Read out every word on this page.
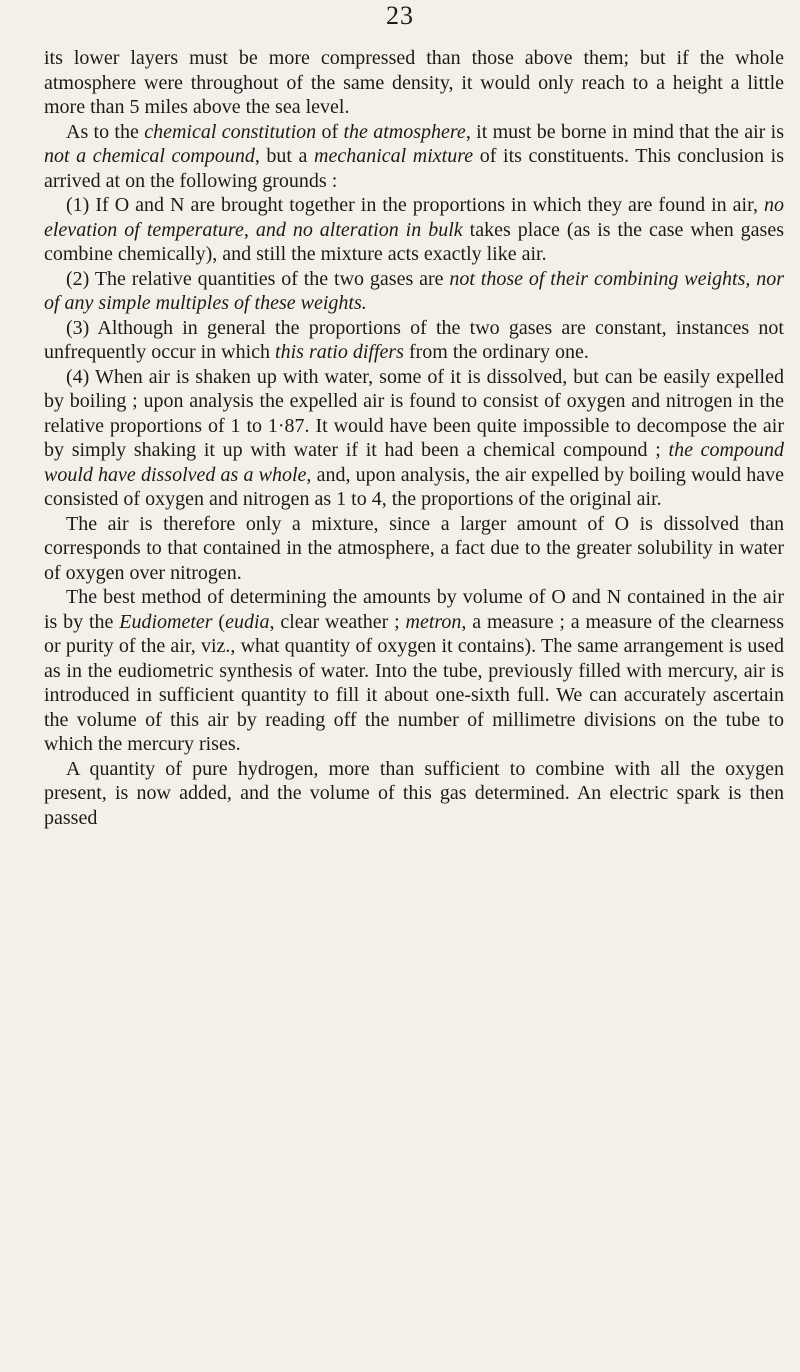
23

its lower layers must be more compressed than those above them; but if the whole atmosphere were throughout of the same density, it would only reach to a height a little more than 5 miles above the sea level.

As to the chemical constitution of the atmosphere, it must be borne in mind that the air is not a chemical compound, but a mechanical mixture of its constituents. This conclusion is arrived at on the following grounds :

(1) If O and N are brought together in the proportions in which they are found in air, no elevation of temperature, and no alteration in bulk takes place (as is the case when gases combine chemically), and still the mixture acts exactly like air.

(2) The relative quantities of the two gases are not those of their combining weights, nor of any simple multiples of these weights.

(3) Although in general the proportions of the two gases are constant, instances not unfrequently occur in which this ratio differs from the ordinary one.

(4) When air is shaken up with water, some of it is dissolved, but can be easily expelled by boiling ; upon analysis the expelled air is found to consist of oxygen and nitrogen in the relative proportions of 1 to 1·87. It would have been quite impossible to decompose the air by simply shaking it up with water if it had been a chemical compound ; the compound would have dissolved as a whole, and, upon analysis, the air expelled by boiling would have consisted of oxygen and nitrogen as 1 to 4, the proportions of the original air.

The air is therefore only a mixture, since a larger amount of O is dissolved than corresponds to that contained in the atmosphere, a fact due to the greater solubility in water of oxygen over nitrogen.

The best method of determining the amounts by volume of O and N contained in the air is by the Eudiometer (eudia, clear weather ; metron, a measure ; a measure of the clearness or purity of the air, viz., what quantity of oxygen it contains). The same arrangement is used as in the eudiometric synthesis of water. Into the tube, previously filled with mercury, air is introduced in sufficient quantity to fill it about one-sixth full. We can accurately ascertain the volume of this air by reading off the number of millimetre divisions on the tube to which the mercury rises.

A quantity of pure hydrogen, more than sufficient to combine with all the oxygen present, is now added, and the volume of this gas determined. An electric spark is then passed
